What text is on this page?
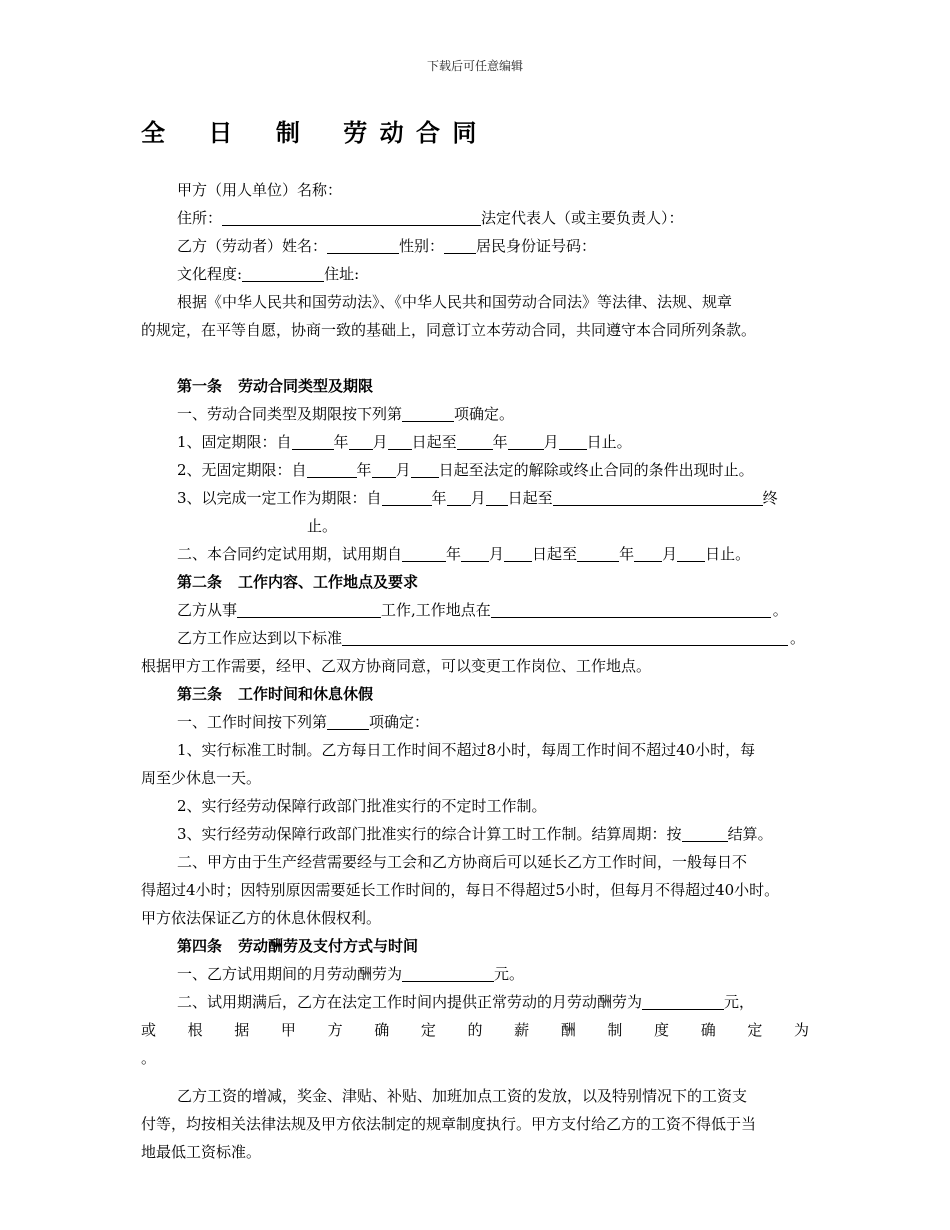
下载后可任意编辑
全    日    制    劳 动 合 同
甲方（用人单位）名称：
住所：	法定代表人（或主要负责人）：
乙方（劳动者）姓名：	性别： 居民身份证号码：
文化程度:	住址:
根据《中华人民共和国劳动法》、《中华人民共和国劳动合同法》等法律、法规、规章
的规定，在平等自愿，协商一致的基础上，同意订立本劳动合同，共同遵守本合同所列条款。
第一条 劳动合同类型及期限
一、劳动合同类型及期限按下列第	项确定。
1、固定期限：自	年 月 日起至 年 月 日止。
2、无固定期限：自	年 月 日起至法定的解除或终止合同的条件出现时止。
3、以完成一定工作为期限：自	年 月 日起至	终
止。
二、本合同约定试用期，试用期自	年 月 日起至	年 月 日止。
第二条 工作内容、工作地点及要求
乙方从事	工作,工作地点在	。
乙方工作应达到以下标准	。
根据甲方工作需要，经甲、乙双方协商同意，可以变更工作岗位、工作地点。
第三条 工作时间和休息休假
一、工作时间按下列第	项确定：
1、实行标准工时制。乙方每日工作时间不超过8小时，每周工作时间不超过40小时，每
周至少休息一天。
2、实行经劳动保障行政部门批准实行的不定时工作制。
3、实行经劳动保障行政部门批准实行的综合计算工时工作制。结算周期：按	结算。
二、甲方由于生产经营需要经与工会和乙方协商后可以延长乙方工作时间，一般每日不
得超过4小时；因特别原因需要延长工作时间的，每日不得超过5小时，但每月不得超过40小时。
甲方依法保证乙方的休息休假权利。
第四条 劳动酬劳及支付方式与时间
一、乙方试用期间的月劳动酬劳为	元。
二、试用期满后，乙方在法定工作时间内提供正常劳动的月劳动酬劳为	元，
或 根 据 甲 方 确 定 的 薪 酬 制 度 确 定 为
。
乙方工资的增减，奖金、津贴、补贴、加班加点工资的发放，以及特别情况下的工资支
付等，均按相关法律法规及甲方依法制定的规章制度执行。甲方支付给乙方的工资不得低于当
地最低工资标准。
